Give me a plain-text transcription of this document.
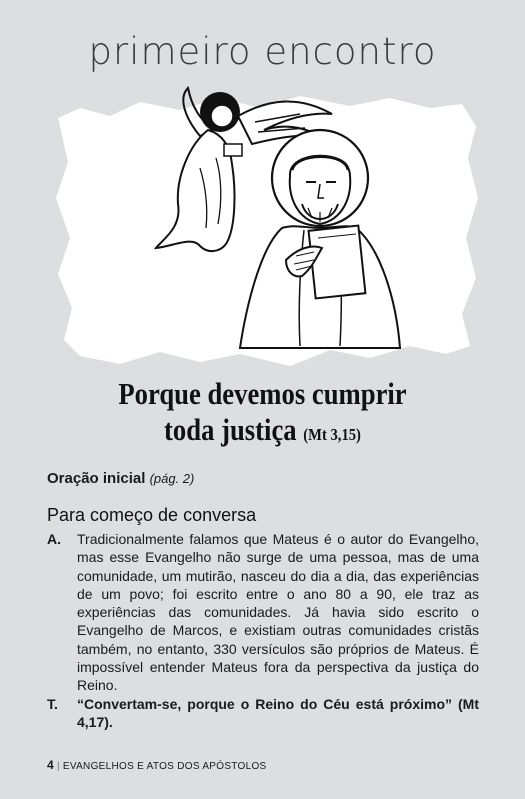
primeiro encontro
Porque devemos cumprir
toda justiça (Mt 3,15)
Oração inicial (pág. 2)
Para começo de conversa
A.	Tradicionalmente falamos que Mateus é o autor do Evangelho, mas esse Evangelho não surge de uma pessoa, mas de uma comunidade, um mutirão, nasceu do dia a dia, das experiências de um povo; foi escrito entre o ano 80 a 90, ele traz as experiências das comunidades. Já havia sido escrito o Evangelho de Marcos, e existiam outras comunidades cristãs também, no entanto, 330 versículos são próprios de Mateus. É impossível entender Mateus fora da perspectiva da justiça do Reino.
T.	“Convertam-se, porque o Reino do Céu está próximo” (Mt 4,17).
4 | EVANGELHOS E ATOS DOS APÓSTOLOS
